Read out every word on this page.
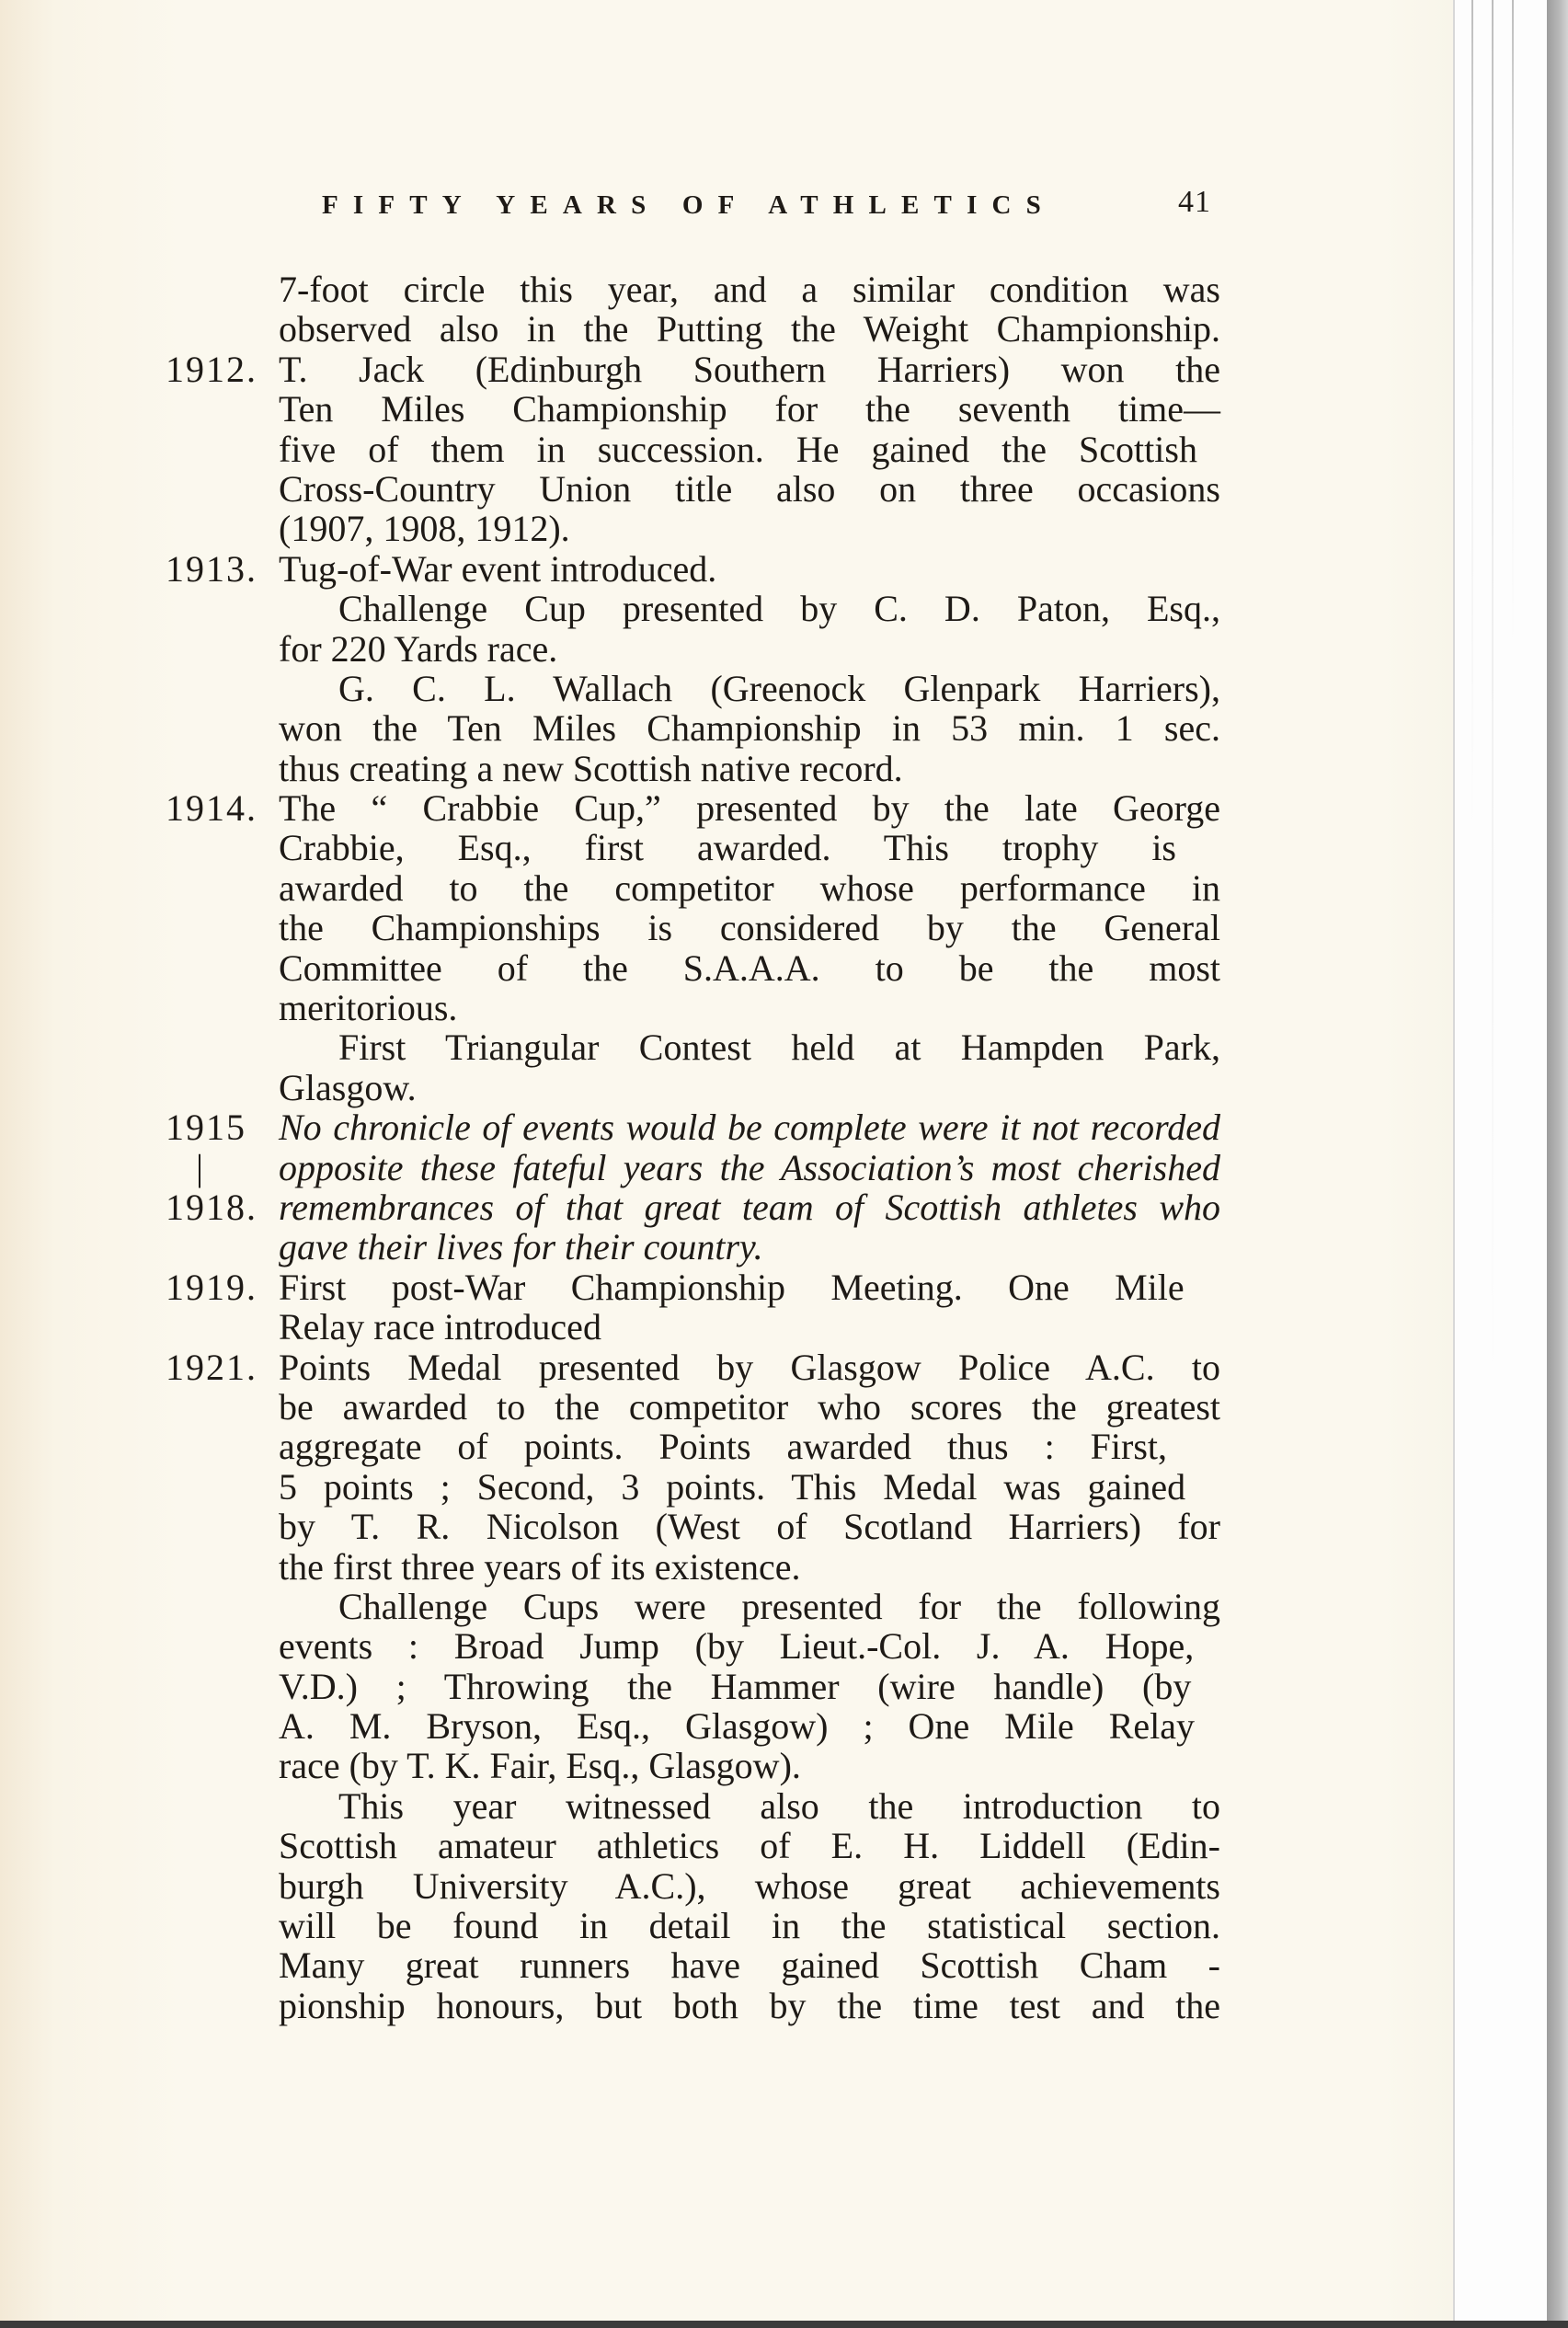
FIFTY YEARS OF ATHLETICS	41
7-foot circle this year, and a similar condition was
observed also in the Putting the Weight Championship.
1912. T. Jack (Edinburgh Southern Harriers) won the
Ten Miles Championship for the seventh time—
five of them in succession. He gained the Scottish
Cross-Country Union title also on three occasions
(1907, 1908, 1912).
1913. Tug-of-War event introduced.
Challenge Cup presented by C. D. Paton, Esq.,
for 220 Yards race.
G. C. L. Wallach (Greenock Glenpark Harriers),
won the Ten Miles Championship in 53 min. 1 sec.
thus creating a new Scottish native record.
1914. The “ Crabbie Cup,” presented by the late George
Crabbie, Esq., first awarded. This trophy is
awarded to the competitor whose performance in
the Championships is considered by the General
Committee of the S.A.A.A. to be the most
meritorious.
First Triangular Contest held at Hampden Park,
Glasgow.
1915 No chronicle of events would be complete were it not recorded
| opposite these fateful years the Association’s most cherished
1918. remembrances of that great team of Scottish athletes who
gave their lives for their country.
1919. First post-War Championship Meeting. One Mile
Relay race introduced
1921. Points Medal presented by Glasgow Police A.C. to
be awarded to the competitor who scores the greatest
aggregate of points. Points awarded thus : First,
5 points ; Second, 3 points. This Medal was gained
by T. R. Nicolson (West of Scotland Harriers) for
the first three years of its existence.
Challenge Cups were presented for the following
events : Broad Jump (by Lieut.-Col. J. A. Hope,
V.D.) ; Throwing the Hammer (wire handle) (by
A. M. Bryson, Esq., Glasgow) ; One Mile Relay
race (by T. K. Fair, Esq., Glasgow).
This year witnessed also the introduction to
Scottish amateur athletics of E. H. Liddell (Edin-
burgh University A.C.), whose great achievements
will be found in detail in the statistical section.
Many great runners have gained Scottish Cham -
pionship honours, but both by the time test and the
